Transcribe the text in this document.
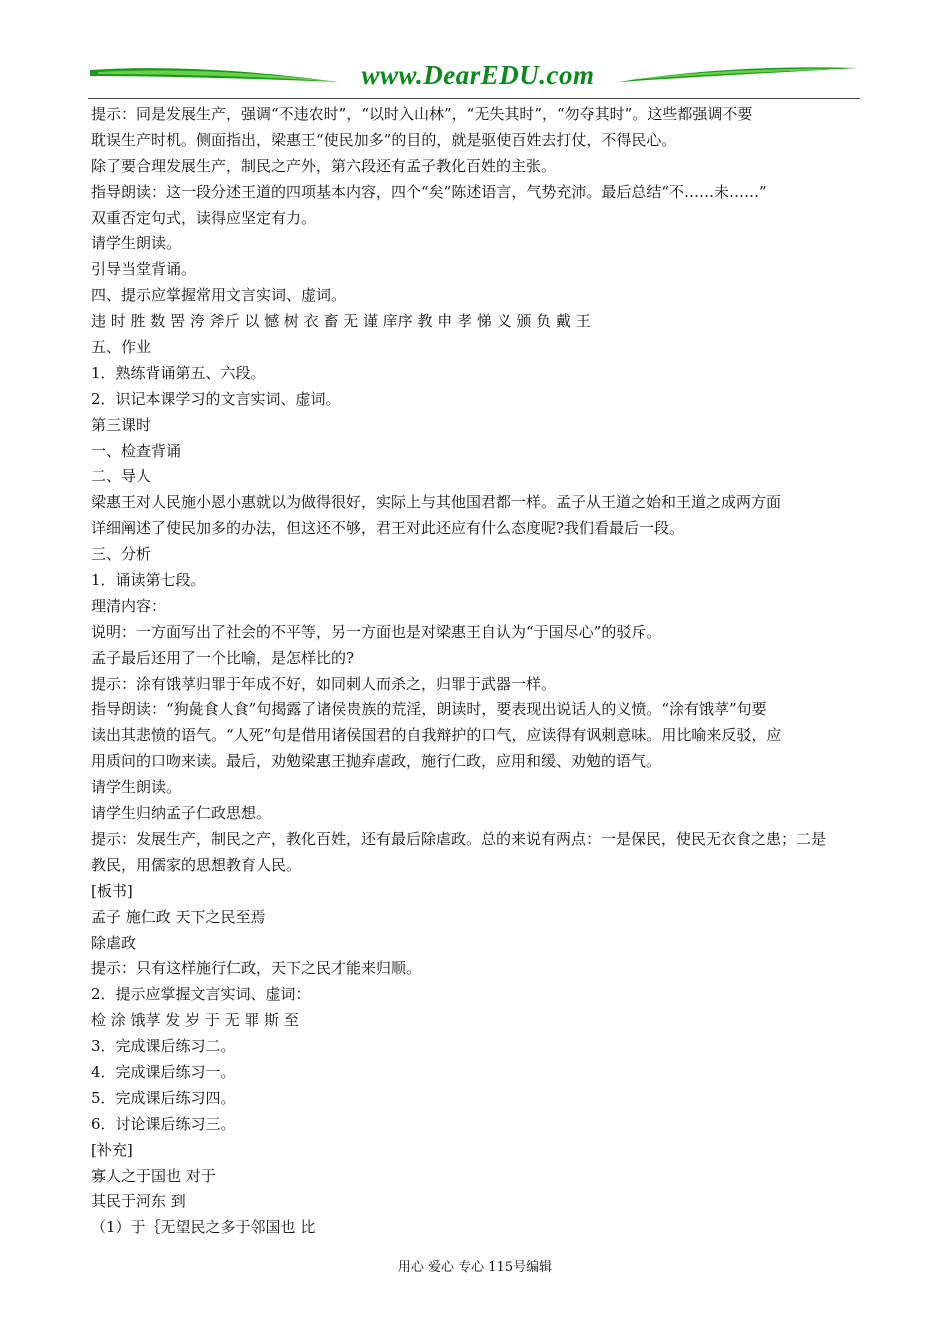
www.DearEDU.com
提示：同是发展生产，强调“不违农时”，“以时入山林”，“无失其时”，“勿夺其时”。这些都强调不要
耽误生产时机。侧面指出，梁惠王“使民加多”的目的，就是驱使百姓去打仗，不得民心。
除了要合理发展生产，制民之产外，第六段还有孟子教化百姓的主张。
指导朗读：这一段分述王道的四项基本内容，四个“矣”陈述语言，气势充沛。最后总结“不……未……”
双重否定句式，读得应坚定有力。
请学生朗读。
引导当堂背诵。
四、提示应掌握常用文言实词、虚词。
违 时 胜 数 罟 洿 斧斤 以 憾 树 衣 畜 无 谨 庠序 教 申 孝 悌 义 颁 负 戴 王
五、作业
1．熟练背诵第五、六段。
2．识记本课学习的文言实词、虚词。
第三课时
一、检查背诵
二、导人
梁惠王对人民施小恩小惠就以为做得很好，实际上与其他国君都一样。孟子从王道之始和王道之成两方面
详细阐述了使民加多的办法，但这还不够，君王对此还应有什么态度呢?我们看最后一段。
三、分析
1．诵读第七段。
理清内容：
说明：一方面写出了社会的不平等，另一方面也是对梁惠王自认为“于国尽心”的驳斥。
孟子最后还用了一个比喻，是怎样比的?
提示：涂有饿莩归罪于年成不好，如同刺人而杀之，归罪于武器一样。
指导朗读：“狗彘食人食”句揭露了诸侯贵族的荒淫，朗读时，要表现出说话人的义愤。“涂有饿莩”句要
读出其悲愤的语气。“人死”句是借用诸侯国君的自我辩护的口气，应读得有讽刺意味。用比喻来反驳，应
用质问的口吻来读。最后，劝勉梁惠王抛弃虐政，施行仁政，应用和缓、劝勉的语气。
请学生朗读。
请学生归纳孟子仁政思想。
提示：发展生产，制民之产，教化百姓，还有最后除虐政。总的来说有两点：一是保民，使民无衣食之患；二是
教民，用儒家的思想教育人民。
[板书]
孟子 施仁政 天下之民至焉
除虐政
提示：只有这样施行仁政，天下之民才能来归顺。
2．提示应掌握文言实词、虚词：
检 涂 饿莩 发 岁 于 无 罪 斯 至
3．完成课后练习二。
4．完成课后练习一。
5．完成课后练习四。
6．讨论课后练习三。
[补充]
寡人之于国也 对于
其民于河东 到
（1）于｛无望民之多于邻国也 比
用心 爱心 专心 115号编辑
